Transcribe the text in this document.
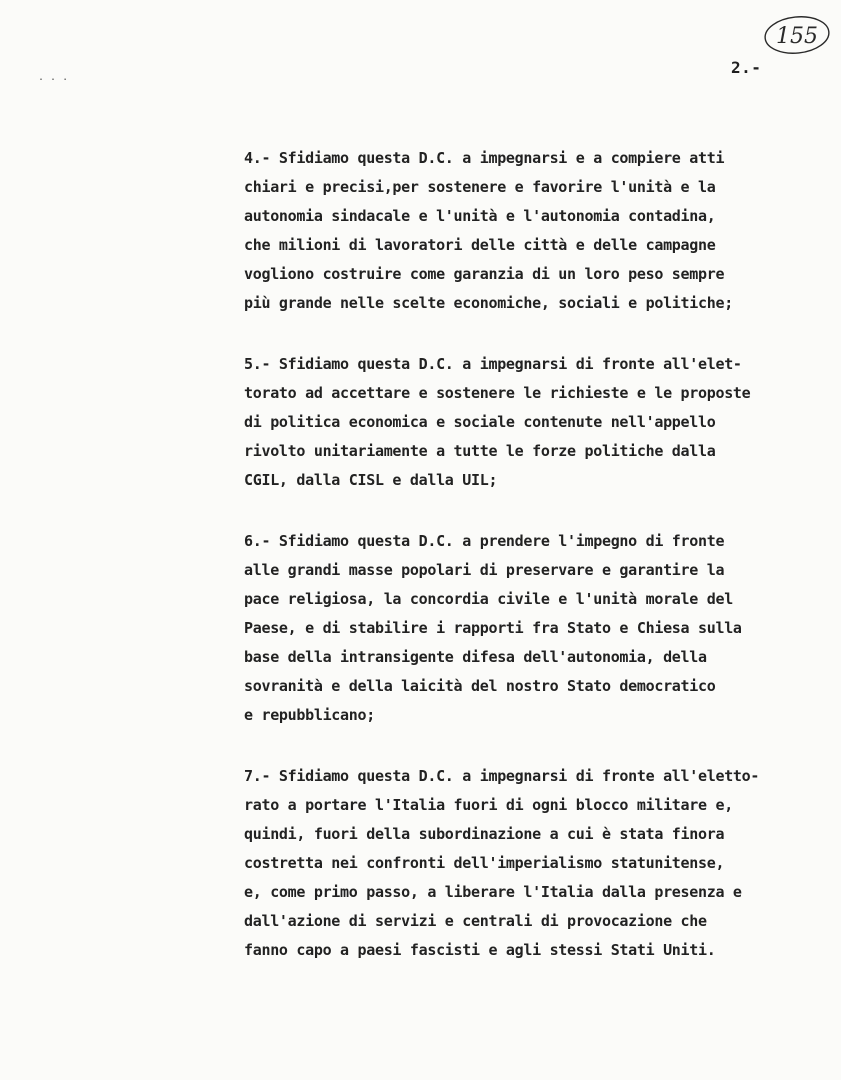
155
. . .
2.-
4.- Sfidiamo questa D.C. a impegnarsi e a compiere atti
chiari e precisi,per sostenere e favorire l'unità e la
autonomia sindacale e l'unità e l'autonomia contadina,
che milioni di lavoratori delle città e delle campagne
vogliono costruire come garanzia di un loro peso sempre
più grande nelle scelte economiche, sociali e politiche;
5.- Sfidiamo questa D.C. a impegnarsi di fronte all'elet-
torato ad accettare e sostenere le richieste e le proposte
di politica economica e sociale contenute nell'appello
rivolto unitariamente a tutte le forze politiche dalla
CGIL, dalla CISL e dalla UIL;
6.- Sfidiamo questa D.C. a prendere l'impegno di fronte
alle grandi masse popolari di preservare e garantire la
pace religiosa, la concordia civile e l'unità morale del
Paese, e di stabilire i rapporti fra Stato e Chiesa sulla
base della intransigente difesa dell'autonomia, della
sovranità e della laicità del nostro Stato democratico
e repubblicano;
7.- Sfidiamo questa D.C. a impegnarsi di fronte all'eletto-
rato a portare l'Italia fuori di ogni blocco militare e,
quindi, fuori della subordinazione a cui è stata finora
costretta nei confronti dell'imperialismo statunitense,
e, come primo passo, a liberare l'Italia dalla presenza e
dall'azione di servizi e centrali di provocazione che
fanno capo a paesi fascisti e agli stessi Stati Uniti.
